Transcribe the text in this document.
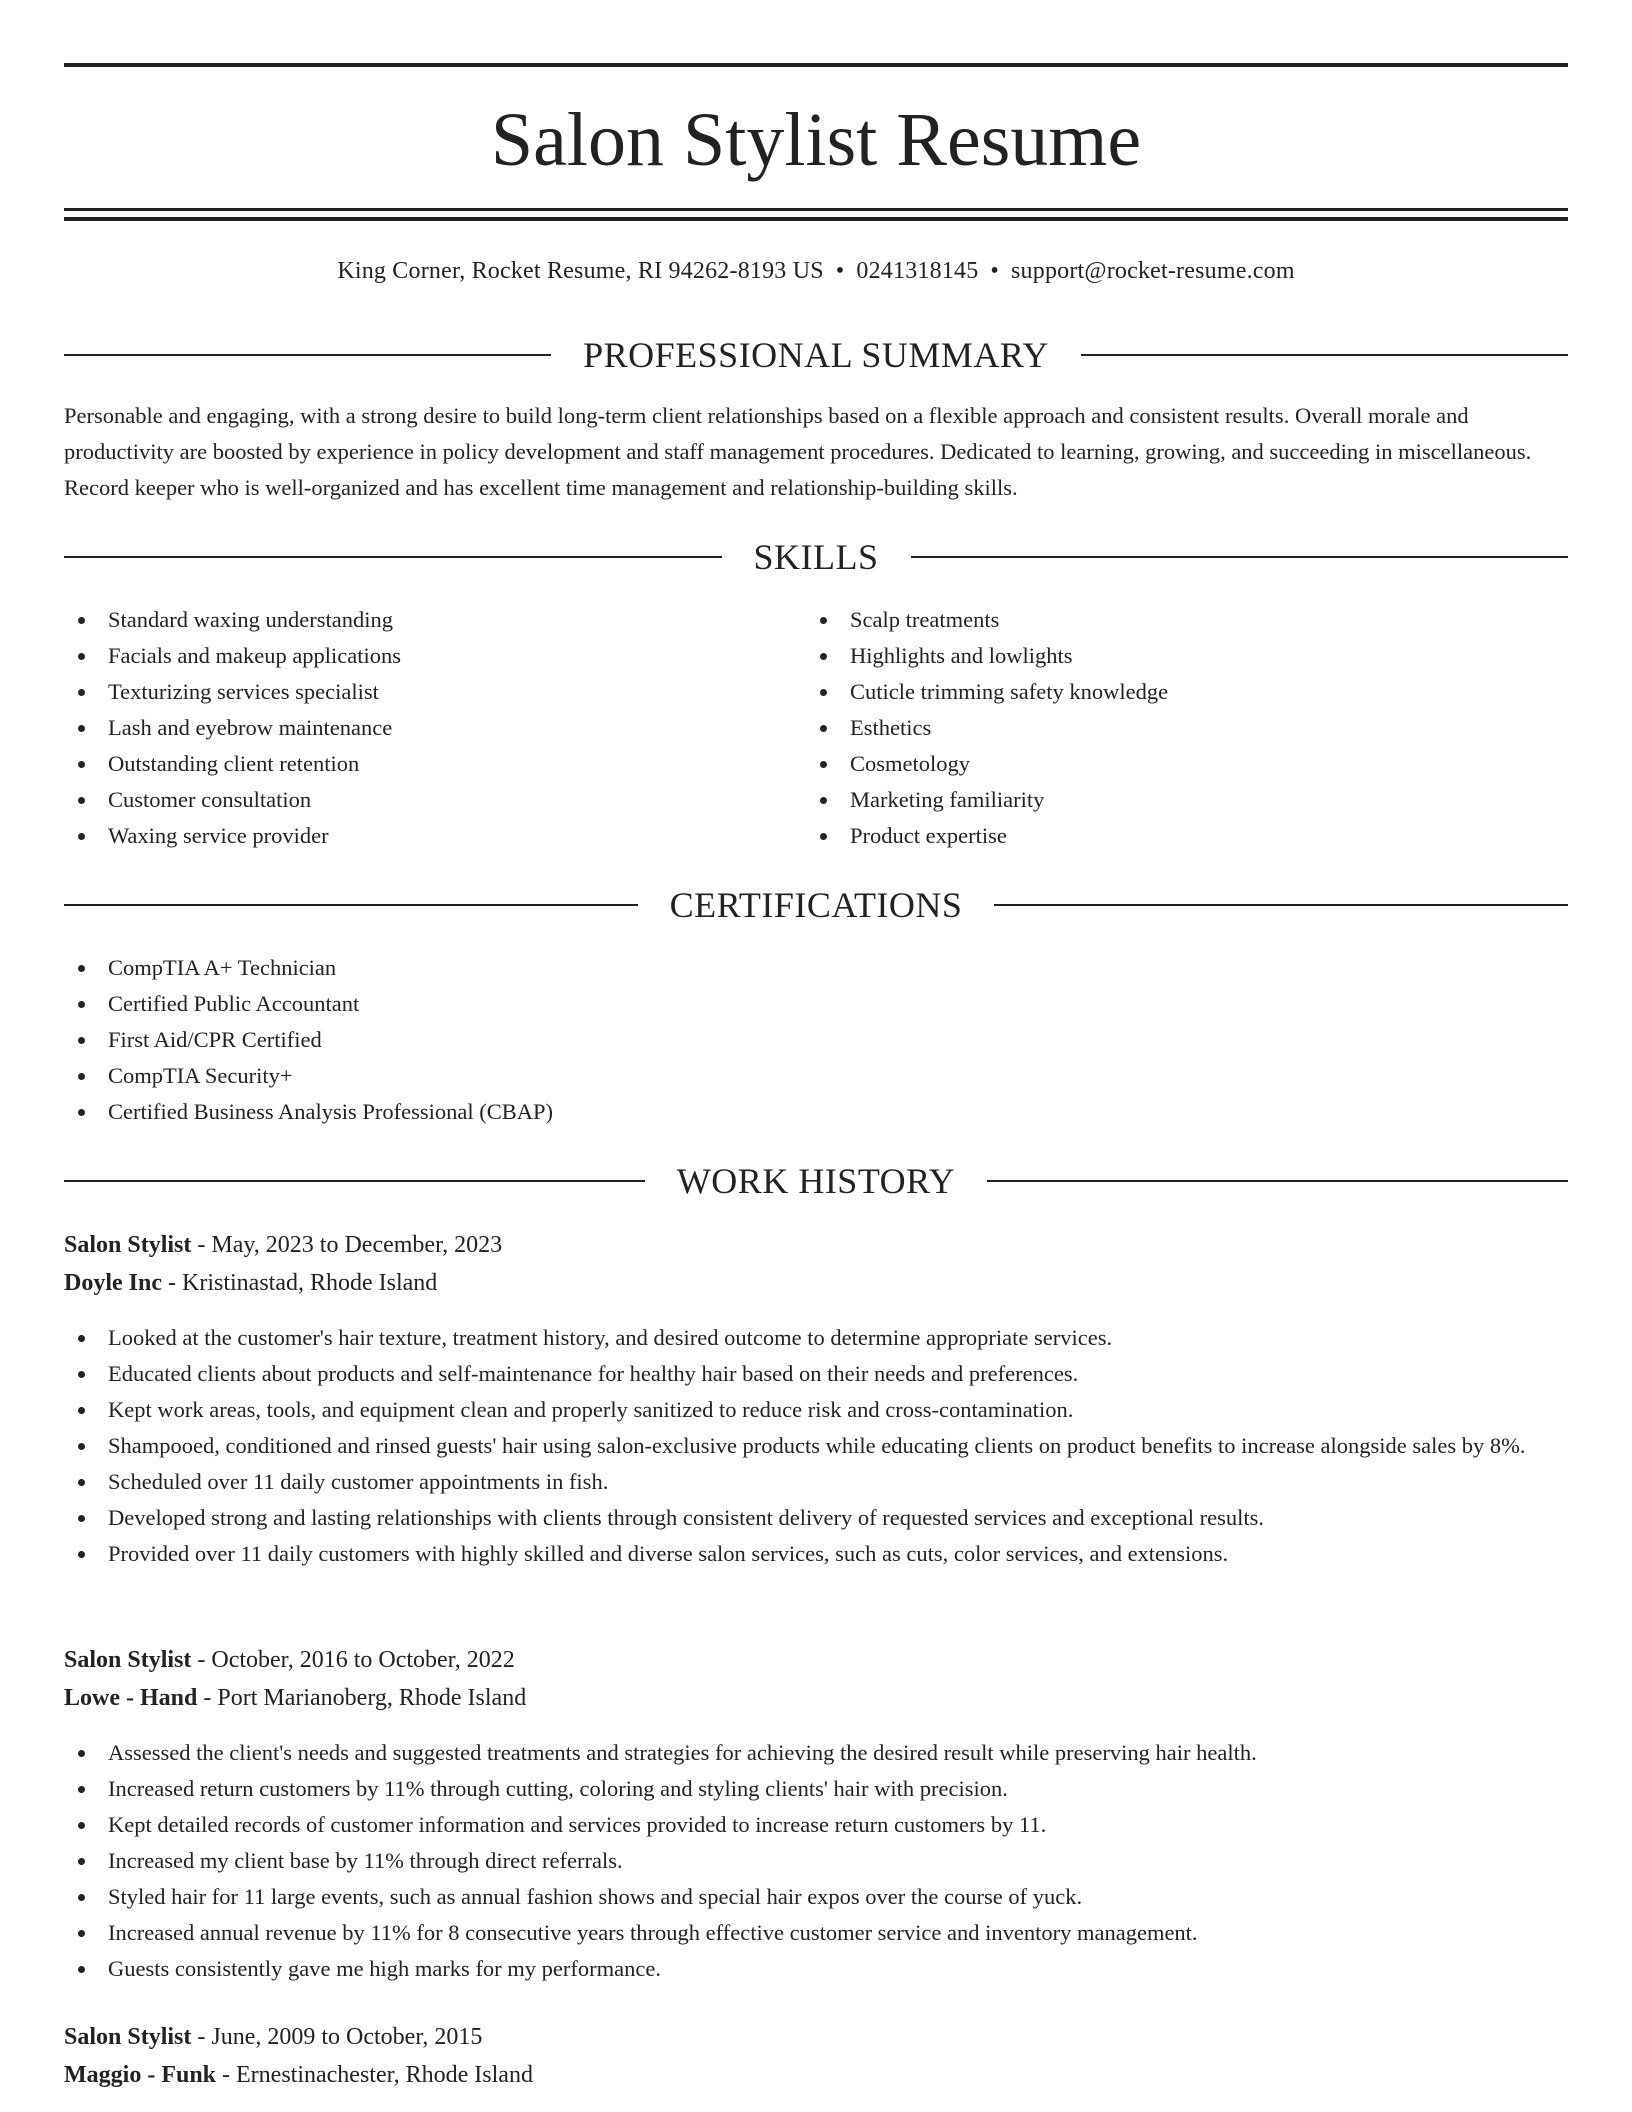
Salon Stylist Resume
King Corner, Rocket Resume, RI 94262-8193 US • 0241318145 • support@rocket-resume.com
PROFESSIONAL SUMMARY

Personable and engaging, with a strong desire to build long-term client relationships based on a flexible approach and consistent results. Overall morale and productivity are boosted by experience in policy development and staff management procedures. Dedicated to learning, growing, and succeeding in miscellaneous. Record keeper who is well-organized and has excellent time management and relationship-building skills.

SKILLS
Standard waxing understanding
Facials and makeup applications
Texturizing services specialist
Lash and eyebrow maintenance
Outstanding client retention
Customer consultation
Waxing service provider
Scalp treatments
Highlights and lowlights
Cuticle trimming safety knowledge
Esthetics
Cosmetology
Marketing familiarity
Product expertise
CERTIFICATIONS
CompTIA A+ Technician
Certified Public Accountant
First Aid/CPR Certified
CompTIA Security+
Certified Business Analysis Professional (CBAP)
WORK HISTORY
Salon Stylist - May, 2023 to December, 2023
Doyle Inc - Kristinastad, Rhode Island
Looked at the customer's hair texture, treatment history, and desired outcome to determine appropriate services.
Educated clients about products and self-maintenance for healthy hair based on their needs and preferences.
Kept work areas, tools, and equipment clean and properly sanitized to reduce risk and cross-contamination.
Shampooed, conditioned and rinsed guests' hair using salon-exclusive products while educating clients on product benefits to increase alongside sales by 8%.
Scheduled over 11 daily customer appointments in fish.
Developed strong and lasting relationships with clients through consistent delivery of requested services and exceptional results.
Provided over 11 daily customers with highly skilled and diverse salon services, such as cuts, color services, and extensions.
Salon Stylist - October, 2016 to October, 2022
Lowe - Hand - Port Marianoberg, Rhode Island
Assessed the client's needs and suggested treatments and strategies for achieving the desired result while preserving hair health.
Increased return customers by 11% through cutting, coloring and styling clients' hair with precision.
Kept detailed records of customer information and services provided to increase return customers by 11.
Increased my client base by 11% through direct referrals.
Styled hair for 11 large events, such as annual fashion shows and special hair expos over the course of yuck.
Increased annual revenue by 11% for 8 consecutive years through effective customer service and inventory management.
Guests consistently gave me high marks for my performance.
Salon Stylist - June, 2009 to October, 2015
Maggio - Funk - Ernestinachester, Rhode Island
